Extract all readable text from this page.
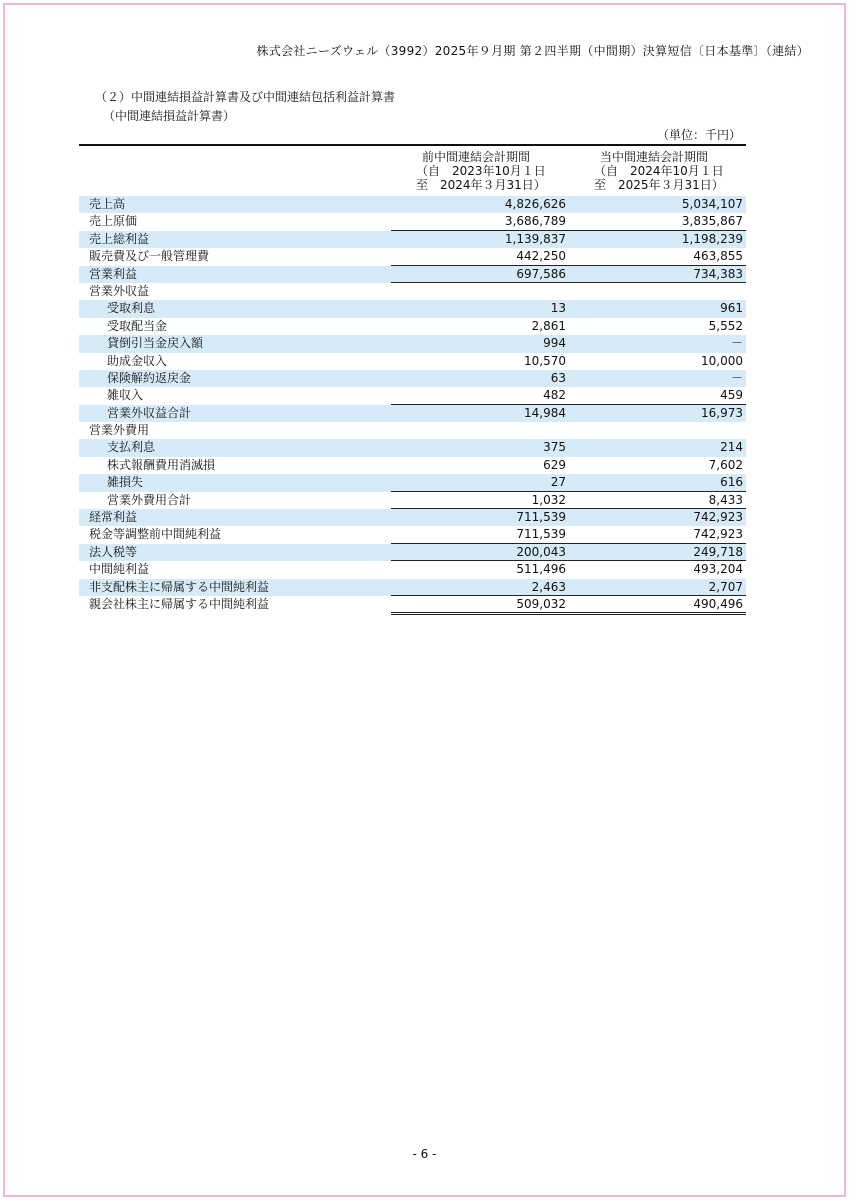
株式会社ニーズウェル（3992）2025年９月期 第２四半期（中間期）決算短信〔日本基準〕（連結）
（２）中間連結損益計算書及び中間連結包括利益計算書
（中間連結損益計算書）
（単位：千円）
前中間連結会計期間
（自　2023年10月１日
至　2024年３月31日）
当中間連結会計期間
（自　2024年10月１日
至　2025年３月31日）
売上高	4,826,626	5,034,107
売上原価	3,686,789	3,835,867
売上総利益	1,139,837	1,198,239
販売費及び一般管理費	442,250	463,855
営業利益	697,586	734,383
営業外収益
受取利息	13	961
受取配当金	2,861	5,552
貸倒引当金戻入額	994	－
助成金収入	10,570	10,000
保険解約返戻金	63	－
雑収入	482	459
営業外収益合計	14,984	16,973
営業外費用
支払利息	375	214
株式報酬費用消滅損	629	7,602
雑損失	27	616
営業外費用合計	1,032	8,433
経常利益	711,539	742,923
税金等調整前中間純利益	711,539	742,923
法人税等	200,043	249,718
中間純利益	511,496	493,204
非支配株主に帰属する中間純利益	2,463	2,707
親会社株主に帰属する中間純利益	509,032	490,496
- 6 -
